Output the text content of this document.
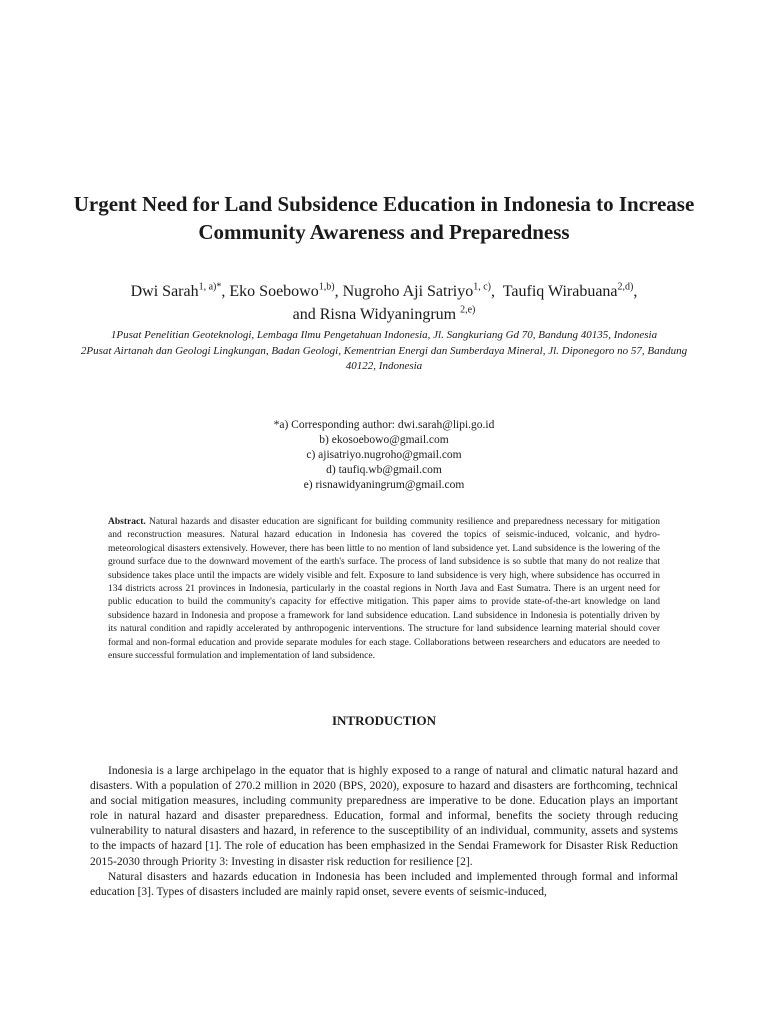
Urgent Need for Land Subsidence Education in Indonesia to Increase Community Awareness and Preparedness
Dwi Sarah$^{1, a)*}$, Eko Soebowo$^{1,b)}$, Nugroho Aji Satriyo$^{1, c)}$,  Taufiq Wirabuana$^{2,d)}$,
and Risna Widyaningrum $^{2,e)}$
1Pusat Penelitian Geoteknologi, Lembaga Ilmu Pengetahuan Indonesia, Jl. Sangkuriang Gd 70, Bandung 40135, Indonesia
2Pusat Airtanah dan Geologi Lingkungan, Badan Geologi, Kementrian Energi dan Sumberdaya Mineral, Jl. Diponegoro no 57, Bandung 40122, Indonesia
*a) Corresponding author: dwi.sarah@lipi.go.id
b) ekosoebowo@gmail.com
c) ajisatriyo.nugroho@gmail.com
d) taufiq.wb@gmail.com
e) risnawidyaningrum@gmail.com
Abstract. Natural hazards and disaster education are significant for building community resilience and preparedness necessary for mitigation and reconstruction measures. Natural hazard education in Indonesia has covered the topics of seismic-induced, volcanic, and hydro-meteorological disasters extensively. However, there has been little to no mention of land subsidence yet. Land subsidence is the lowering of the ground surface due to the downward movement of the earth's surface. The process of land subsidence is so subtle that many do not realize that subsidence takes place until the impacts are widely visible and felt. Exposure to land subsidence is very high, where subsidence has occurred in 134 districts across 21 provinces in Indonesia, particularly in the coastal regions in North Java and East Sumatra. There is an urgent need for public education to build the community's capacity for effective mitigation. This paper aims to provide state-of-the-art knowledge on land subsidence hazard in Indonesia and propose a framework for land subsidence education. Land subsidence in Indonesia is potentially driven by its natural condition and rapidly accelerated by anthropogenic interventions. The structure for land subsidence learning material should cover formal and non-formal education and provide separate modules for each stage. Collaborations between researchers and educators are needed to ensure successful formulation and implementation of land subsidence.
INTRODUCTION

Indonesia is a large archipelago in the equator that is highly exposed to a range of natural and climatic natural hazard and disasters. With a population of 270.2 million in 2020 (BPS, 2020), exposure to hazard and disasters are forthcoming, technical and social mitigation measures, including community preparedness are imperative to be done. Education plays an important role in natural hazard and disaster preparedness. Education, formal and informal, benefits the society through reducing vulnerability to natural disasters and hazard, in reference to the susceptibility of an individual, community, assets and systems to the impacts of hazard [1]. The role of education has been emphasized in the Sendai Framework for Disaster Risk Reduction 2015-2030 through Priority 3: Investing in disaster risk reduction for resilience [2].

Natural disasters and hazards education in Indonesia has been included and implemented through formal and informal education [3]. Types of disasters included are mainly rapid onset, severe events of seismic-induced,
